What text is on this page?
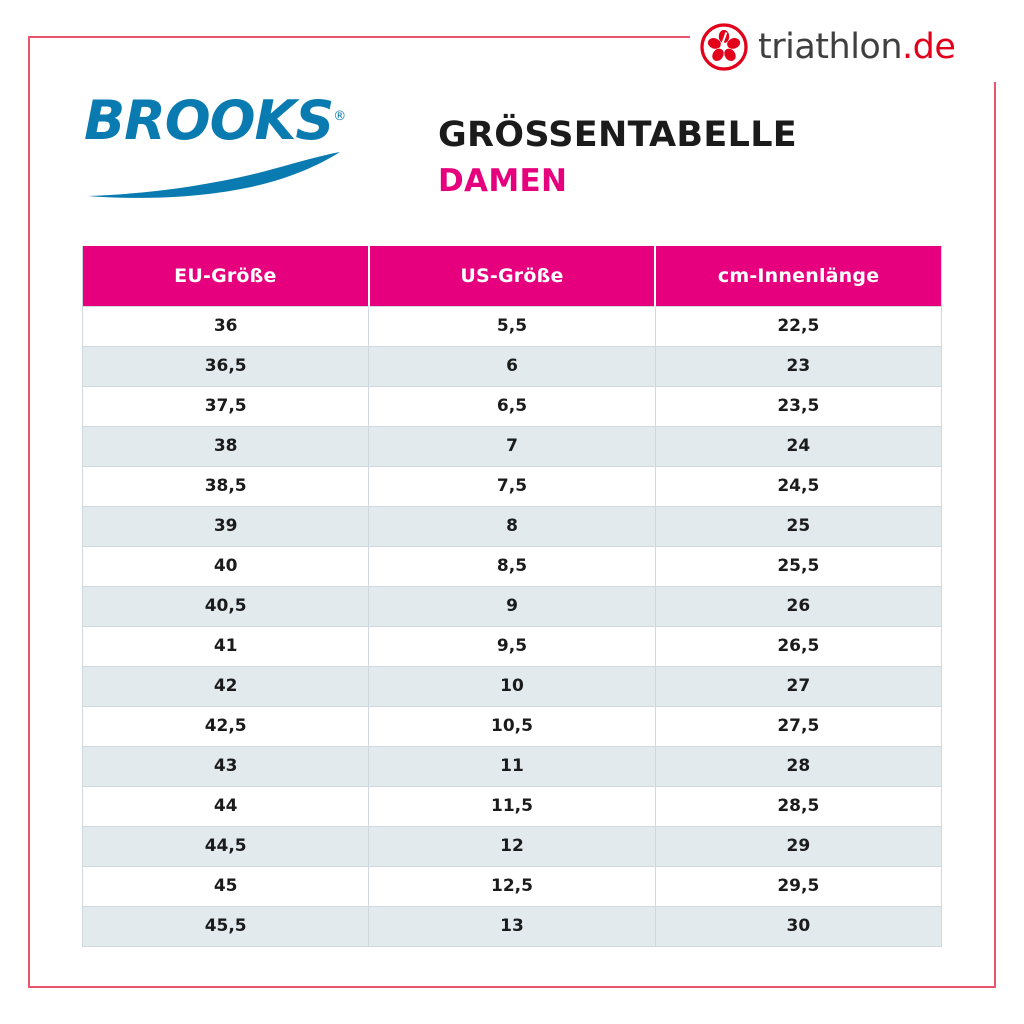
triathlon.de
BROOKS®	GRÖSSENTABELLE
DAMEN
EU-Größe	US-Größe	cm-Innenlänge
36	5,5	22,5
36,5	6	23
37,5	6,5	23,5
38	7	24
38,5	7,5	24,5
39	8	25
40	8,5	25,5
40,5	9	26
41	9,5	26,5
42	10	27
42,5	10,5	27,5
43	11	28
44	11,5	28,5
44,5	12	29
45	12,5	29,5
45,5	13	30
